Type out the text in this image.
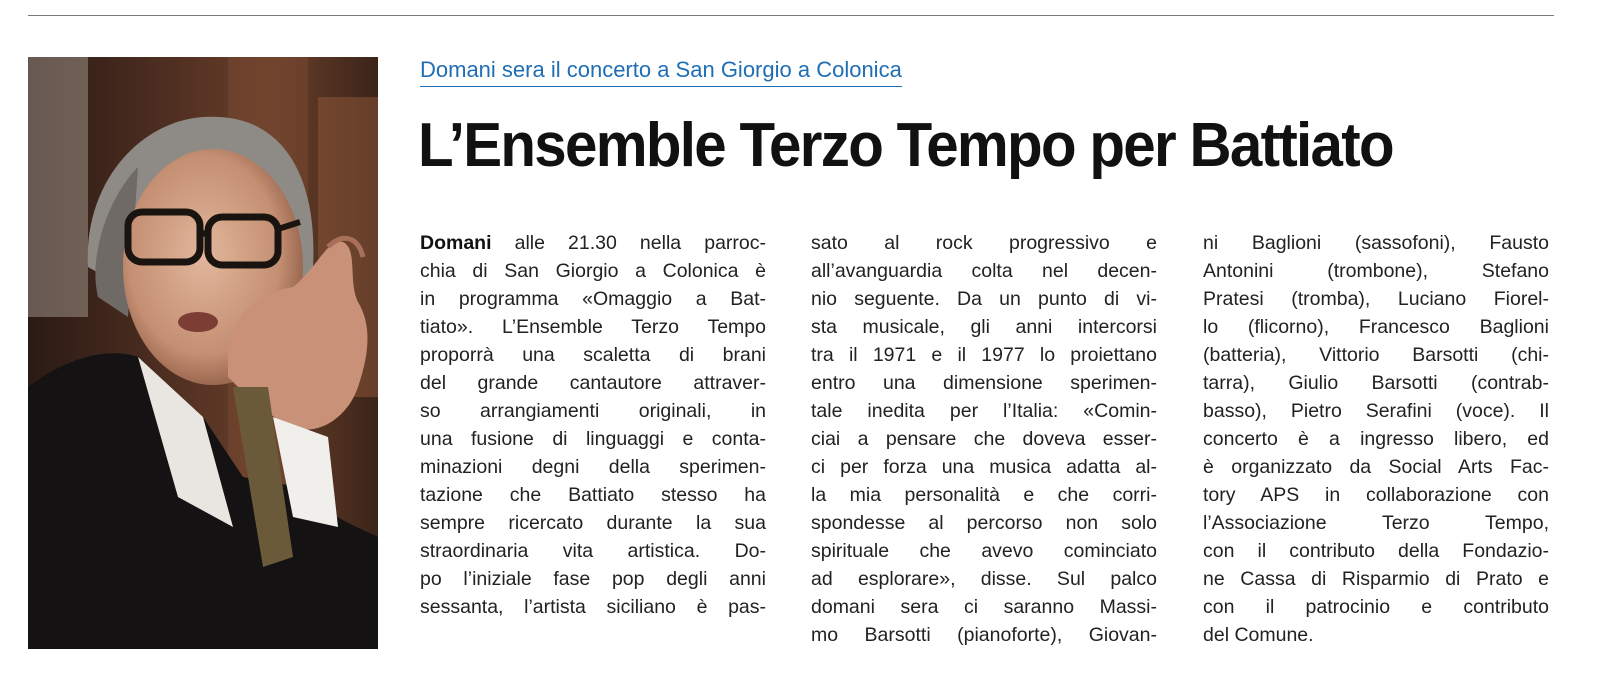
Domani sera il concerto a San Giorgio a Colonica
L’Ensemble Terzo Tempo per Battiato
Domani alle 21.30 nella parroc-
chia di San Giorgio a Colonica è
in programma «Omaggio a Bat-
tiato». L’Ensemble Terzo Tempo
proporrà una scaletta di brani
del grande cantautore attraver-
so arrangiamenti originali, in
una fusione di linguaggi e conta-
minazioni degni della sperimen-
tazione che Battiato stesso ha
sempre ricercato durante la sua
straordinaria vita artistica. Do-
po l’iniziale fase pop degli anni
sessanta, l’artista siciliano è pas-
sato al rock progressivo e
all’avanguardia colta nel decen-
nio seguente. Da un punto di vi-
sta musicale, gli anni intercorsi
tra il 1971 e il 1977 lo proiettano
entro una dimensione sperimen-
tale inedita per l’Italia: «Comin-
ciai a pensare che doveva esser-
ci per forza una musica adatta al-
la mia personalità e che corri-
spondesse al percorso non solo
spirituale che avevo cominciato
ad esplorare», disse. Sul palco
domani sera ci saranno Massi-
mo Barsotti (pianoforte), Giovan-
ni Baglioni (sassofoni), Fausto
Antonini (trombone), Stefano
Pratesi (tromba), Luciano Fiorel-
lo (flicorno), Francesco Baglioni
(batteria), Vittorio Barsotti (chi-
tarra), Giulio Barsotti (contrab-
basso), Pietro Serafini (voce). Il
concerto è a ingresso libero, ed
è organizzato da Social Arts Fac-
tory APS in collaborazione con
l’Associazione Terzo Tempo,
con il contributo della Fondazio-
ne Cassa di Risparmio di Prato e
con il patrocinio e contributo
del Comune.
